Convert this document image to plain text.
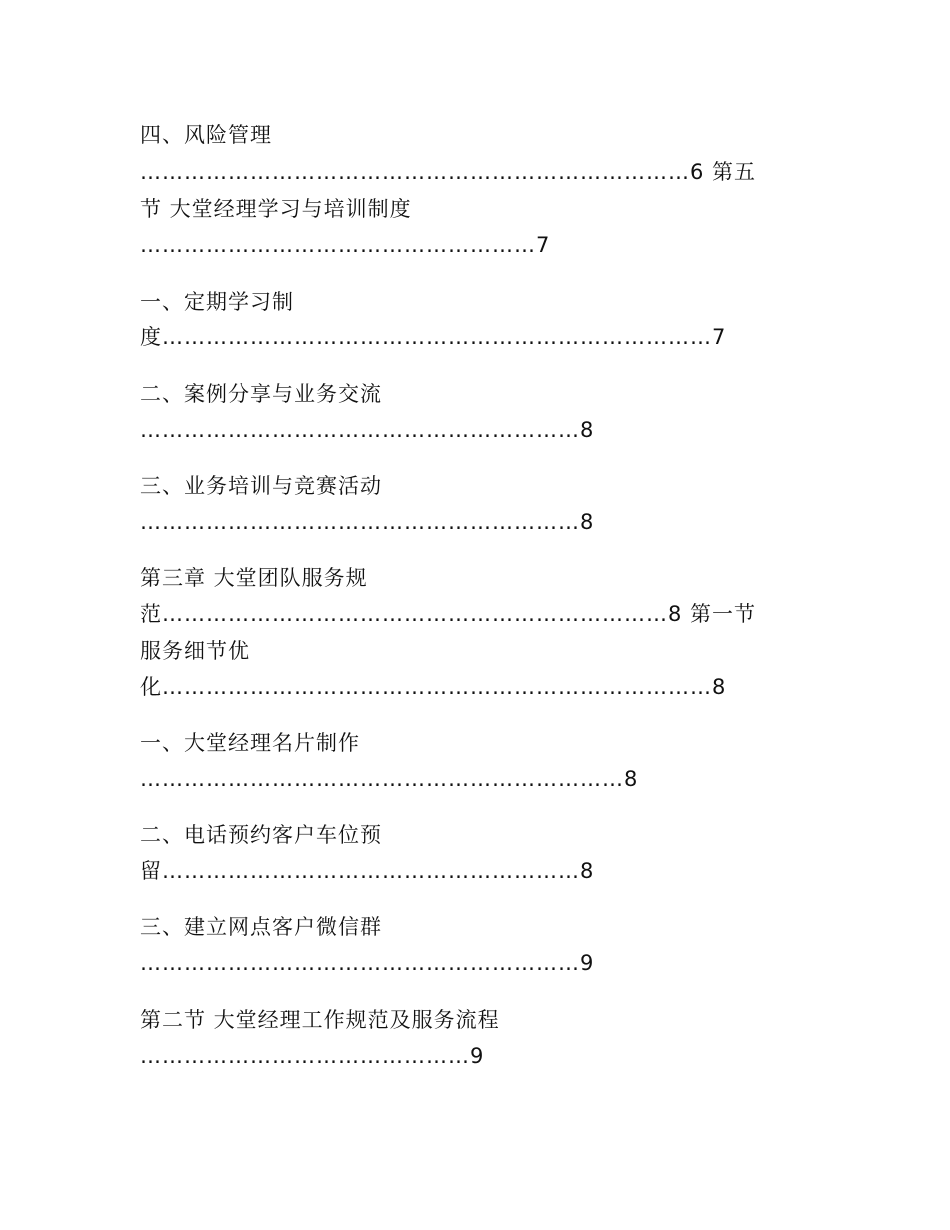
四、风险管理
…………………………………………………………………6 第五
节 大堂经理学习与培训制度
………………………………………………7
一、定期学习制
度…………………………………………………………………7
二、案例分享与业务交流
……………………………………………………8
三、业务培训与竞赛活动
……………………………………………………8
第三章 大堂团队服务规
范……………………………………………………………8 第一节
服务细节优
化…………………………………………………………………8
一、大堂经理名片制作
…………………………………………………………8
二、电话预约客户车位预
留…………………………………………………8
三、建立网点客户微信群
……………………………………………………9
第二节 大堂经理工作规范及服务流程
………………………………………9
